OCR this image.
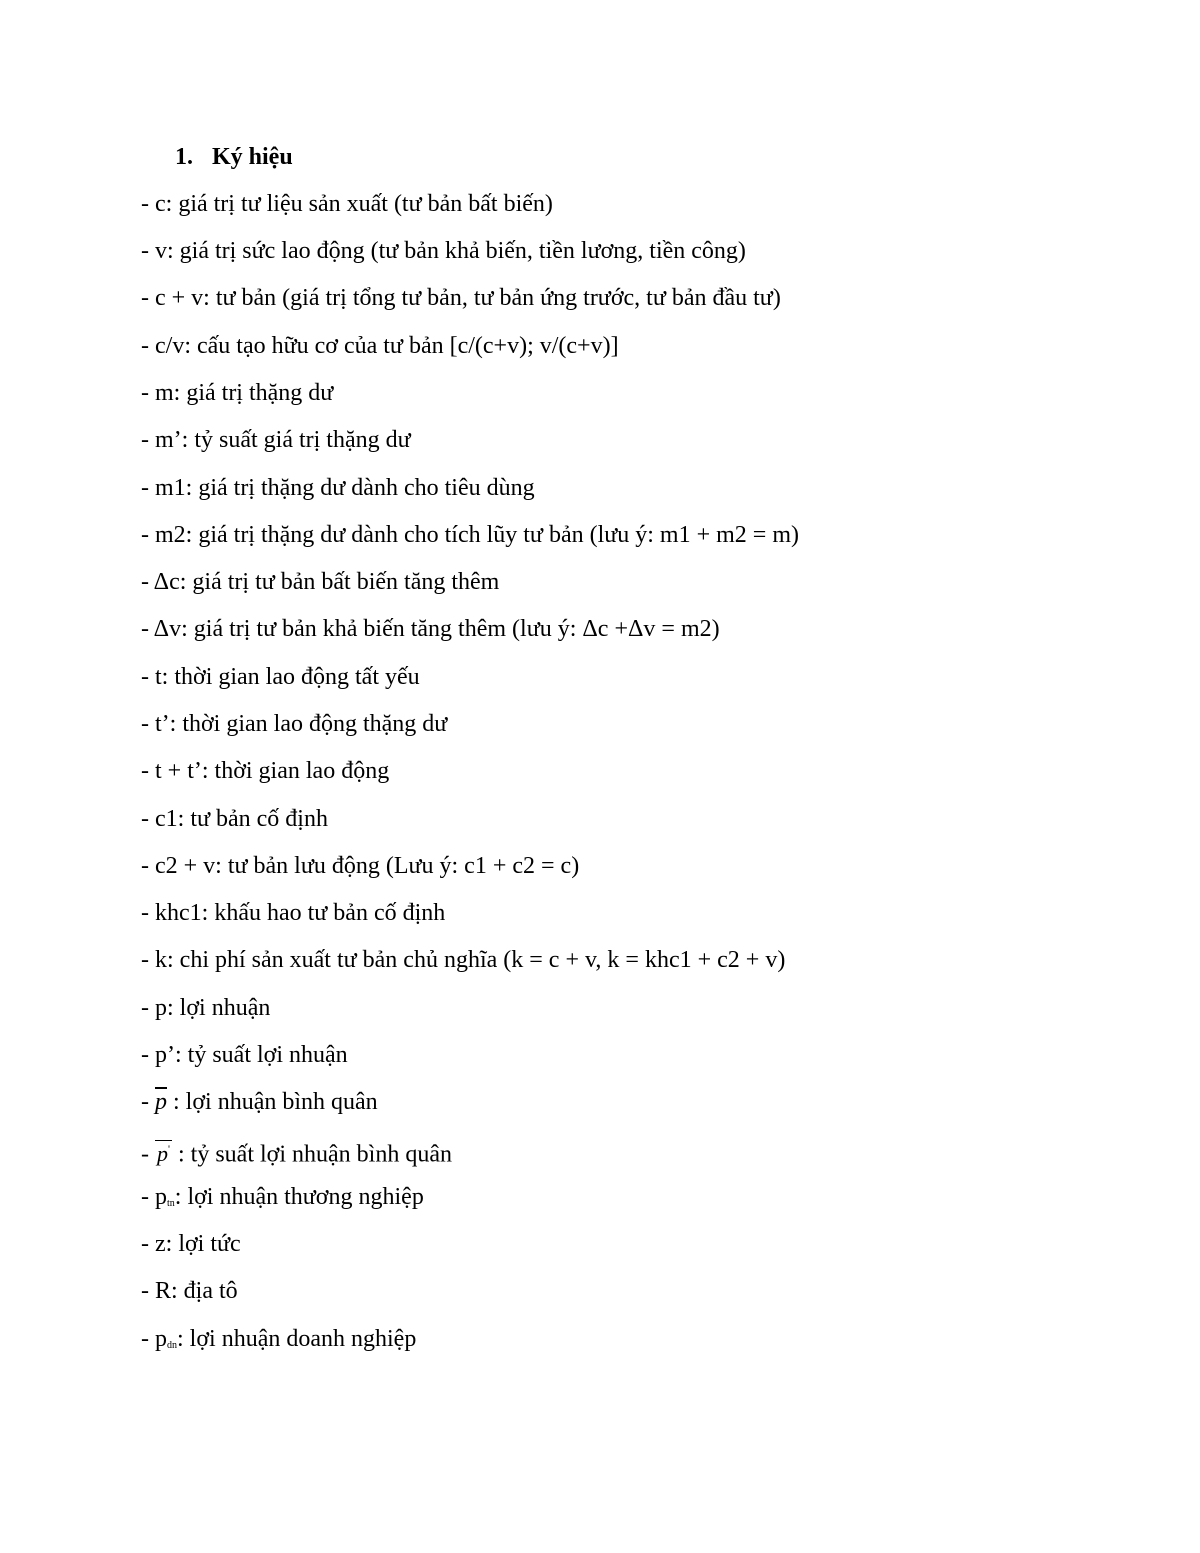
1. Ký hiệu
- c: giá trị tư liệu sản xuất (tư bản bất biến)
- v: giá trị sức lao động (tư bản khả biến, tiền lương, tiền công)
- c + v: tư bản (giá trị tổng tư bản, tư bản ứng trước, tư bản đầu tư)
- c/v: cấu tạo hữu cơ của tư bản [c/(c+v); v/(c+v)]
- m: giá trị thặng dư
- m’: tỷ suất giá trị thặng dư
- m1: giá trị thặng dư dành cho tiêu dùng
- m2: giá trị thặng dư dành cho tích lũy tư bản (lưu ý: m1 + m2 = m)
- Δc: giá trị tư bản bất biến tăng thêm
- Δv: giá trị tư bản khả biến tăng thêm (lưu ý: Δc +Δv = m2)
- t: thời gian lao động tất yếu
- t’: thời gian lao động thặng dư
- t + t’: thời gian lao động
- c1: tư bản cố định
- c2 + v: tư bản lưu động (Lưu ý: c1 + c2 = c)
- khc1: khấu hao tư bản cố định
- k: chi phí sản xuất tư bản chủ nghĩa (k = c + v, k = khc1 + c2 + v)
- p: lợi nhuận
- p’: tỷ suất lợi nhuận
- $\overline{p}$ : lợi nhuận bình quân
- p' : tỷ suất lợi nhuận bình quân
- $p_{tn}$: lợi nhuận thương nghiệp
- z: lợi tức
- R: địa tô
- $p_{dn}$: lợi nhuận doanh nghiệp
